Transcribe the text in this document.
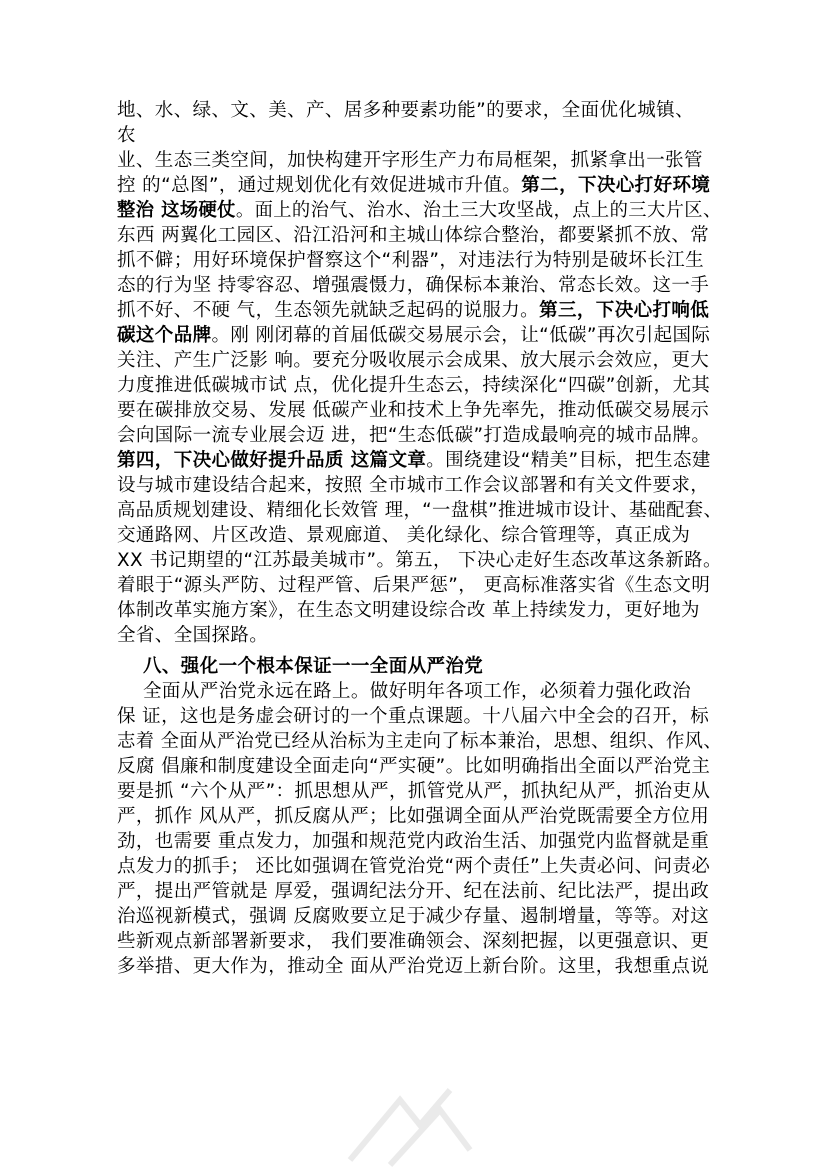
地、水、绿、文、美、产、居多种要素功能”的要求，全面优化城镇、
农
业、生态三类空间，加快构建开字形生产力布局框架，抓紧拿出一张管
控 的“总图”，通过规划优化有效促进城市升值。第二，下决心打好环境
整治 这场硬仗。面上的治气、治水、治土三大攻坚战，点上的三大片区、
东西 两翼化工园区、沿江沿河和主城山体综合整治，都要紧抓不放、常
抓不僻；用好环境保护督察这个“利器”，对违法行为特别是破坏长江生
态的行为坚 持零容忍、增强震慑力，确保标本兼治、常态长效。这一手
抓不好、不硬 气，生态领先就缺乏起码的说服力。第三，下决心打响低
碳这个品牌。刚 刚闭幕的首届低碳交易展示会，让“低碳”再次引起国际
关注、产生广泛影 响。要充分吸收展示会成果、放大展示会效应，更大
力度推进低碳城市试 点，优化提升生态云，持续深化“四碳”创新，尤其
要在碳排放交易、发展 低碳产业和技术上争先率先，推动低碳交易展示
会向国际一流专业展会迈 进，把“生态低碳”打造成最响亮的城市品牌。
第四，下决心做好提升品质 这篇文章。围绕建设“精美”目标，把生态建
设与城市建设结合起来，按照 全市城市工作会议部署和有关文件要求，
高品质规划建设、精细化长效管 理，“一盘棋”推进城市设计、基础配套、
交通路网、片区改造、景观廊道、 美化绿化、综合管理等，真正成为
XX 书记期望的“江苏最美城市”。第五， 下决心走好生态改革这条新路。
着眼于“源头严防、过程严管、后果严惩”， 更高标准落实省《生态文明
体制改革实施方案》，在生态文明建设综合改 革上持续发力，更好地为
全省、全国探路。
八、强化一个根本保证一一全面从严治党
全面从严治党永远在路上。做好明年各项工作，必须着力强化政治
保 证，这也是务虚会研讨的一个重点课题。十八届六中全会的召开，标
志着 全面从严治党已经从治标为主走向了标本兼治，思想、组织、作风、
反腐 倡廉和制度建设全面走向“严实硬”。比如明确指出全面以严治党主
要是抓 “六个从严”：抓思想从严，抓管党从严，抓执纪从严，抓治吏从
严，抓作 风从严，抓反腐从严；比如强调全面从严治党既需要全方位用
劲，也需要 重点发力，加强和规范党内政治生活、加强党内监督就是重
点发力的抓手； 还比如强调在管党治党“两个责任”上失责必问、问责必
严，提出严管就是 厚爱，强调纪法分开、纪在法前、纪比法严，提出政
治巡视新模式，强调 反腐败要立足于减少存量、遏制增量，等等。对这
些新观点新部署新要求， 我们要准确领会、深刻把握，以更强意识、更
多举措、更大作为，推动全 面从严治党迈上新台阶。这里，我想重点说
